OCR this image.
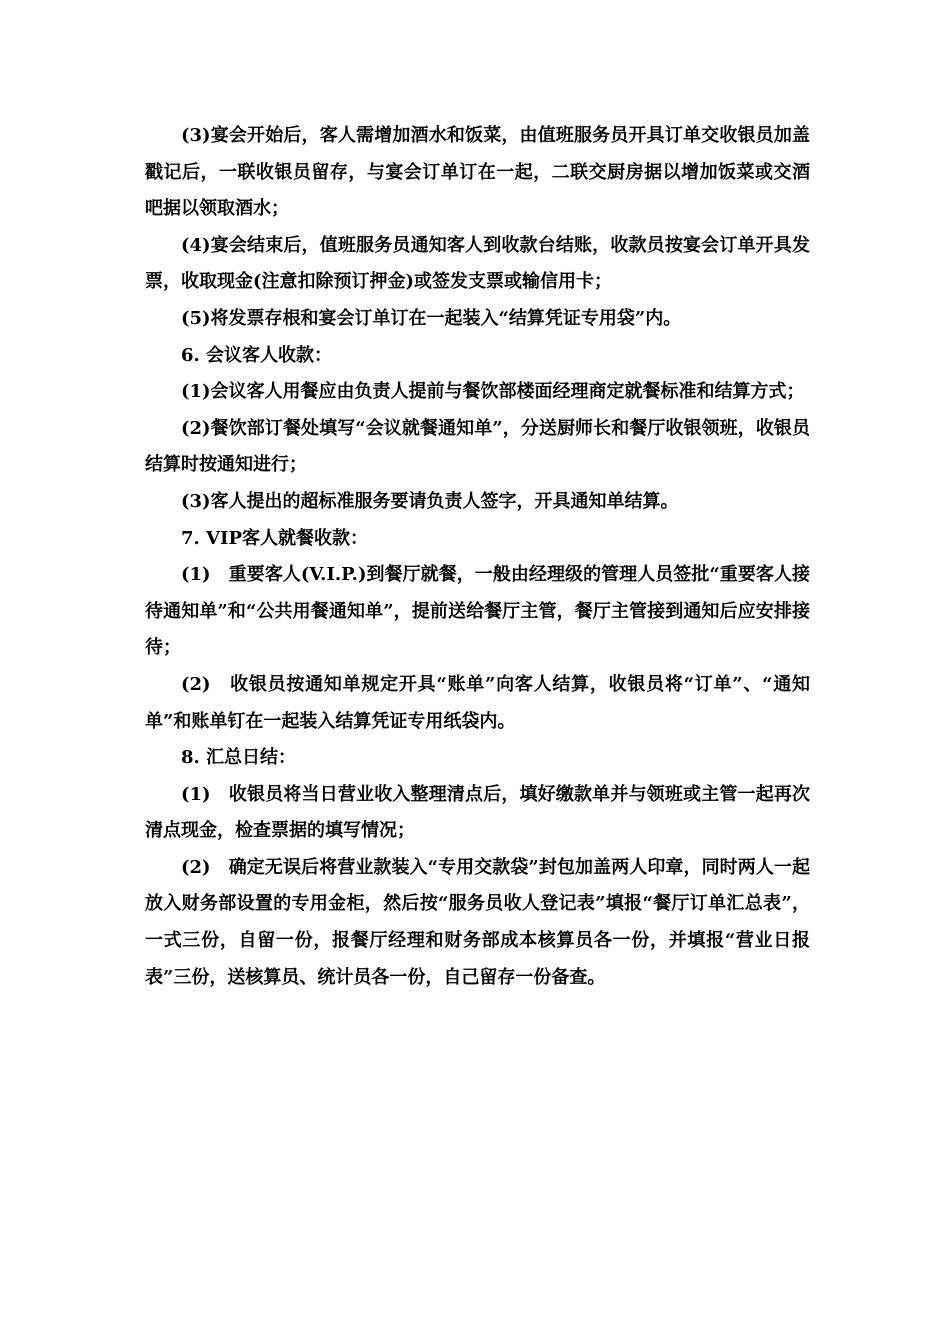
(3)宴会开始后，客人需增加酒水和饭菜，由值班服务员开具订单交收银员加盖戳记后，一联收银员留存，与宴会订单订在一起，二联交厨房据以增加饭菜或交酒吧据以领取酒水；

(4)宴会结束后，值班服务员通知客人到收款台结账，收款员按宴会订单开具发票，收取现金(注意扣除预订押金)或签发支票或输信用卡；

(5)将发票存根和宴会订单订在一起装入“结算凭证专用袋”内。

6. 会议客人收款：

(1)会议客人用餐应由负责人提前与餐饮部楼面经理商定就餐标准和结算方式；

(2)餐饮部订餐处填写“会议就餐通知单”，分送厨师长和餐厅收银领班，收银员结算时按通知进行；

(3)客人提出的超标准服务要请负责人签字，开具通知单结算。

7. VIP客人就餐收款：

(1)　重要客人(V.I.P.)到餐厅就餐，一般由经理级的管理人员签批“重要客人接待通知单”和“公共用餐通知单”，提前送给餐厅主管，餐厅主管接到通知后应安排接待；

(2)　收银员按通知单规定开具“账单”向客人结算，收银员将“订单”、“通知单”和账单钉在一起装入结算凭证专用纸袋内。

8. 汇总日结：

(1)　收银员将当日营业收入整理清点后，填好缴款单并与领班或主管一起再次清点现金，检查票据的填写情况；

(2)　确定无误后将营业款装入“专用交款袋”封包加盖两人印章，同时两人一起放入财务部设置的专用金柜，然后按“服务员收人登记表”填报“餐厅订单汇总表”，一式三份，自留一份，报餐厅经理和财务部成本核算员各一份，并填报“营业日报表”三份，送核算员、统计员各一份，自己留存一份备查。
